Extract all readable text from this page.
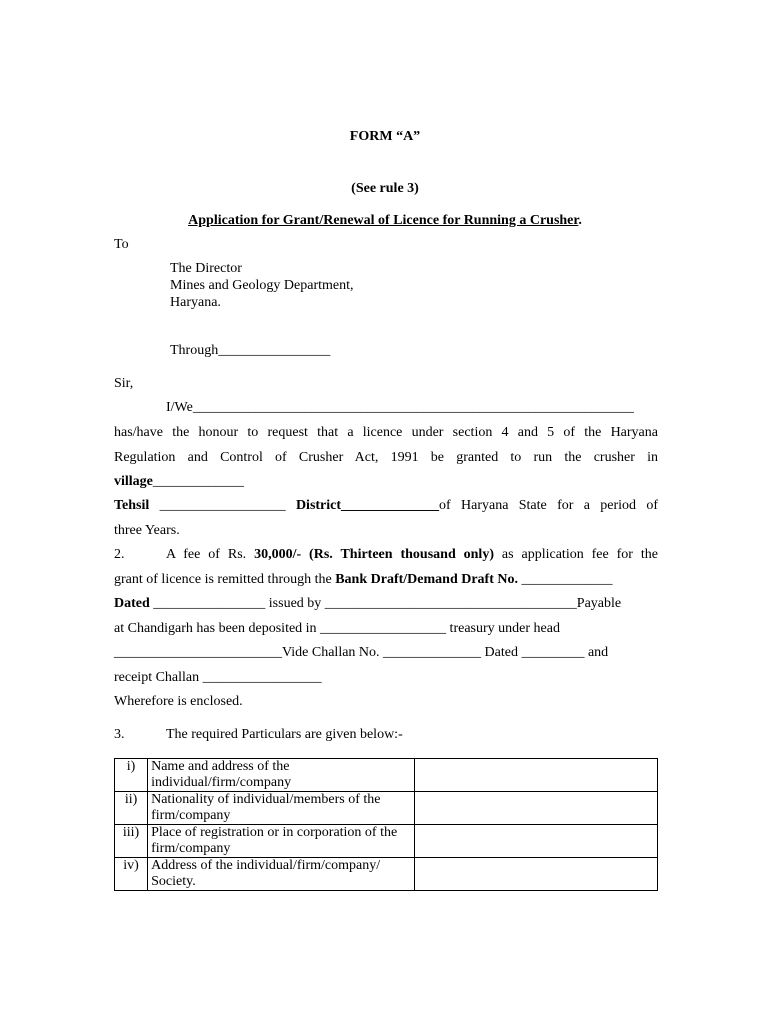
FORM “A”
(See rule 3)
Application for Grant/Renewal of Licence for Running a Crusher.
To
The Director
Mines and Geology Department,
Haryana.
Through________________
Sir,
I/We_______________________________________________________________
has/have the honour to request that a licence under section 4 and 5 of the Haryana
Regulation and Control of Crusher Act, 1991 be granted to run the crusher in
village_____________
Tehsil __________________ District______________of Haryana State for a period of
three Years.
2.	A fee of Rs. 30,000/- (Rs. Thirteen thousand only) as application fee for the
grant of licence is remitted through the Bank Draft/Demand Draft No. _____________
Dated ________________ issued by ____________________________________Payable
at Chandigarh has been deposited in __________________ treasury under head
________________________Vide Challan No. ______________ Dated _________ and
receipt Challan _________________
Wherefore is enclosed.
3.	The required Particulars are given below:-
i)	Name and address of the individual/firm/company	
ii)	Nationality of individual/members of the firm/company	
iii)	Place of registration or in corporation of the firm/company	
iv)	Address of the individual/firm/company/ Society.	
